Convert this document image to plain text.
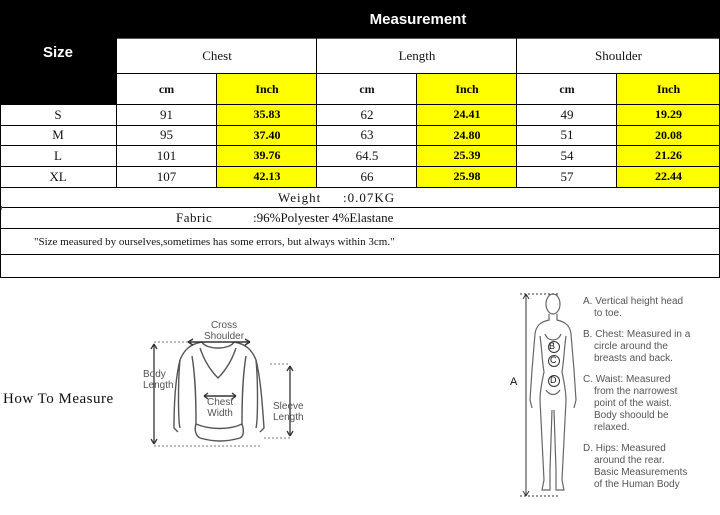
Size
Measurement
Chest	Length	Shoulder
cm	Inch	cm	Inch	cm	Inch
S	91	35.83	62	24.41	49	19.29
M	95	37.40	63	24.80	51	20.08
L	101	39.76	64.5	25.39	54	21.26
XL	107	42.13	66	25.98	57	22.44
Weight :0.07KG
Fabric	:96%Polyester 4%Elastane
"Size measured by ourselves,sometimes has some errors, but always within 3cm."
How To Measure
Cross
Shoulder
Body
Length
Chest
Width
Sleeve
Length
B
C
D
A
A. Vertical height head
to toe.
B. Chest: Measured in a
circle around the
breasts and back.
C. Waist: Measured
from the narrowest
point of the waist.
Body shoould be
relaxed.
D. Hips: Measured
around the rear.
Basic Measurements
of the Human Body
